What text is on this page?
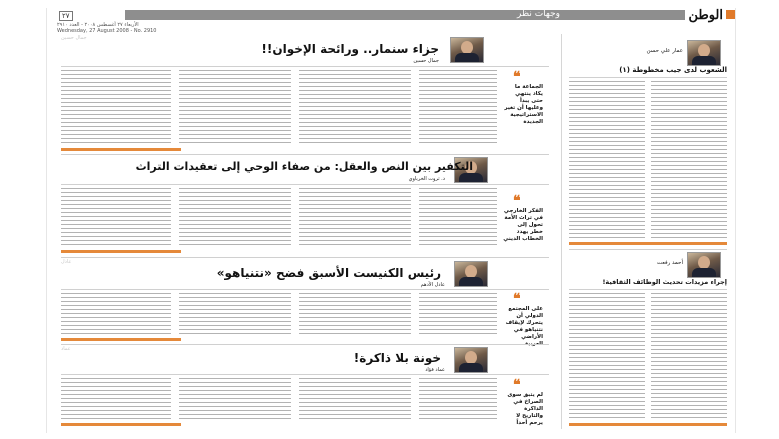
٢٧	وجهات نظر	الوطن
الأربعاء ٢٧ أغسطس ٢٠٠٨ - العدد ٢٩١٠ Wednesday, 27 August 2008 - No. 2910
جمال حسين
جزاء سنمار.. ورائحة الإخوان!!
جمال حسين
❝
الجماعة ما يكاد ينتهي حتى يبدأ وعليها أن تغير الاستراتيجية الجديدة
التكفير بين النص والعقل: من صفاء الوحي إلى تعقيدات التراث
د. ثروت الخرباوي
❝
الفكر الخارجي في تراث الأمة تحول إلى خطر يهدد الخطاب الديني
عادل
رئيس الكنيست الأسبق فضح «نتنياهو»
عادل الأدهم
❝
على المجتمع الدولي أن يتحرك لإيقاف نتنياهو في الأراضي
عماد
خونة بلا ذاكرة!
عماد فؤاد
❝
لم يتبق سوى الصراخ في الذاكرة والتاريخ لا يرحم أحداً
عمار علي حسن
الشعوب لدى جيب مخطوطة (١)
أحمد رفعت
إجراء مزيدات تحديث الوظائف الثقافية!
